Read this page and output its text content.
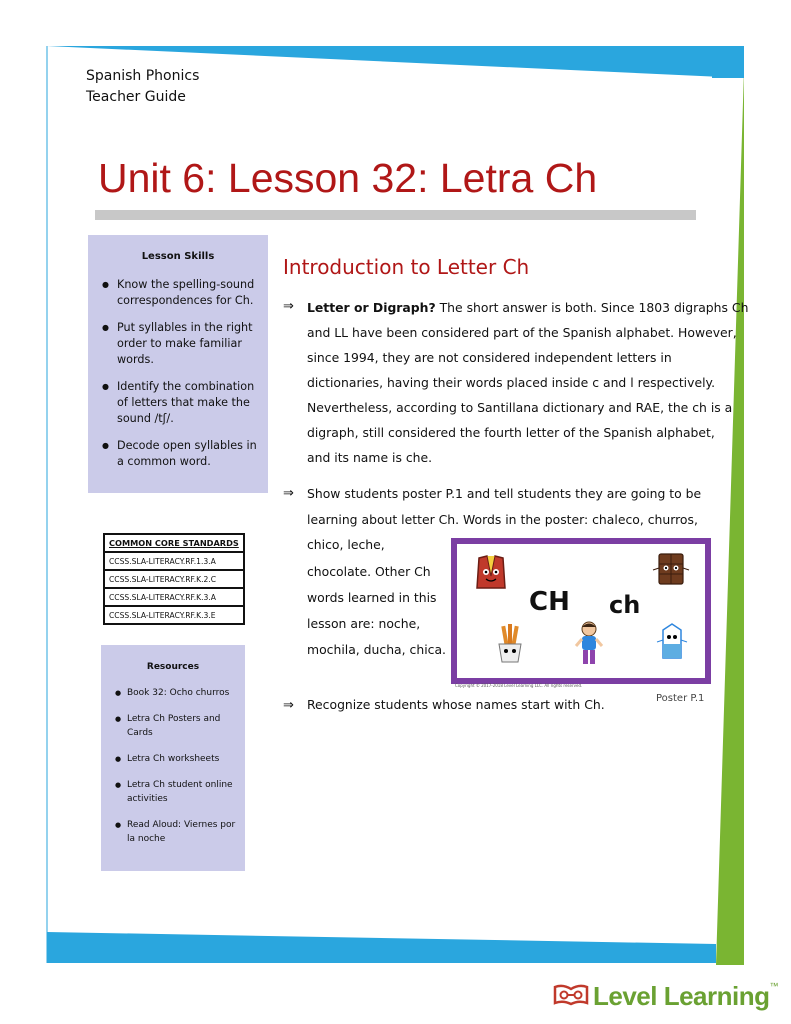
Spanish Phonics
Teacher Guide
Unit 6: Lesson 32: Letra Ch
Lesson Skills
● Know the spelling-sound correspondences for Ch.
● Put syllables in the right order to make familiar words.
● Identify the combination of letters that make the sound /tʃ/.
● Decode open syllables in a common word.
COMMON CORE STANDARDS
CCSS.SLA-LITERACY.RF.1.3.A
CCSS.SLA-LITERACY.RF.K.2.C
CCSS.SLA-LITERACY.RF.K.3.A
CCSS.SLA-LITERACY.RF.K.3.E
Resources
● Book 32: Ocho churros
● Letra Ch Posters and Cards
● Letra Ch worksheets
● Letra Ch student online activities
● Read Aloud: Viernes por la noche
Introduction to Letter Ch
⇒ Letter or Digraph? The short answer is both. Since 1803 digraphs Ch
and LL have been considered part of the Spanish alphabet. However,
since 1994, they are not considered independent letters in
dictionaries, having their words placed inside c and l respectively.
Nevertheless, according to Santillana dictionary and RAE, the ch is a
digraph, still considered the fourth letter of the Spanish alphabet,
and its name is che.
⇒ Show students poster P.1 and tell students they are going to be
learning about letter Ch. Words in the poster: chaleco, churros,
chico, leche,
chocolate. Other Ch
words learned in this
lesson are: noche,
mochila, ducha, chica.
⇒ Recognize students whose names start with Ch.
CH ch
Copyright © 2017-2018 Level Learning LLC. All rights reserved.
Poster P.1
Level Learning™
